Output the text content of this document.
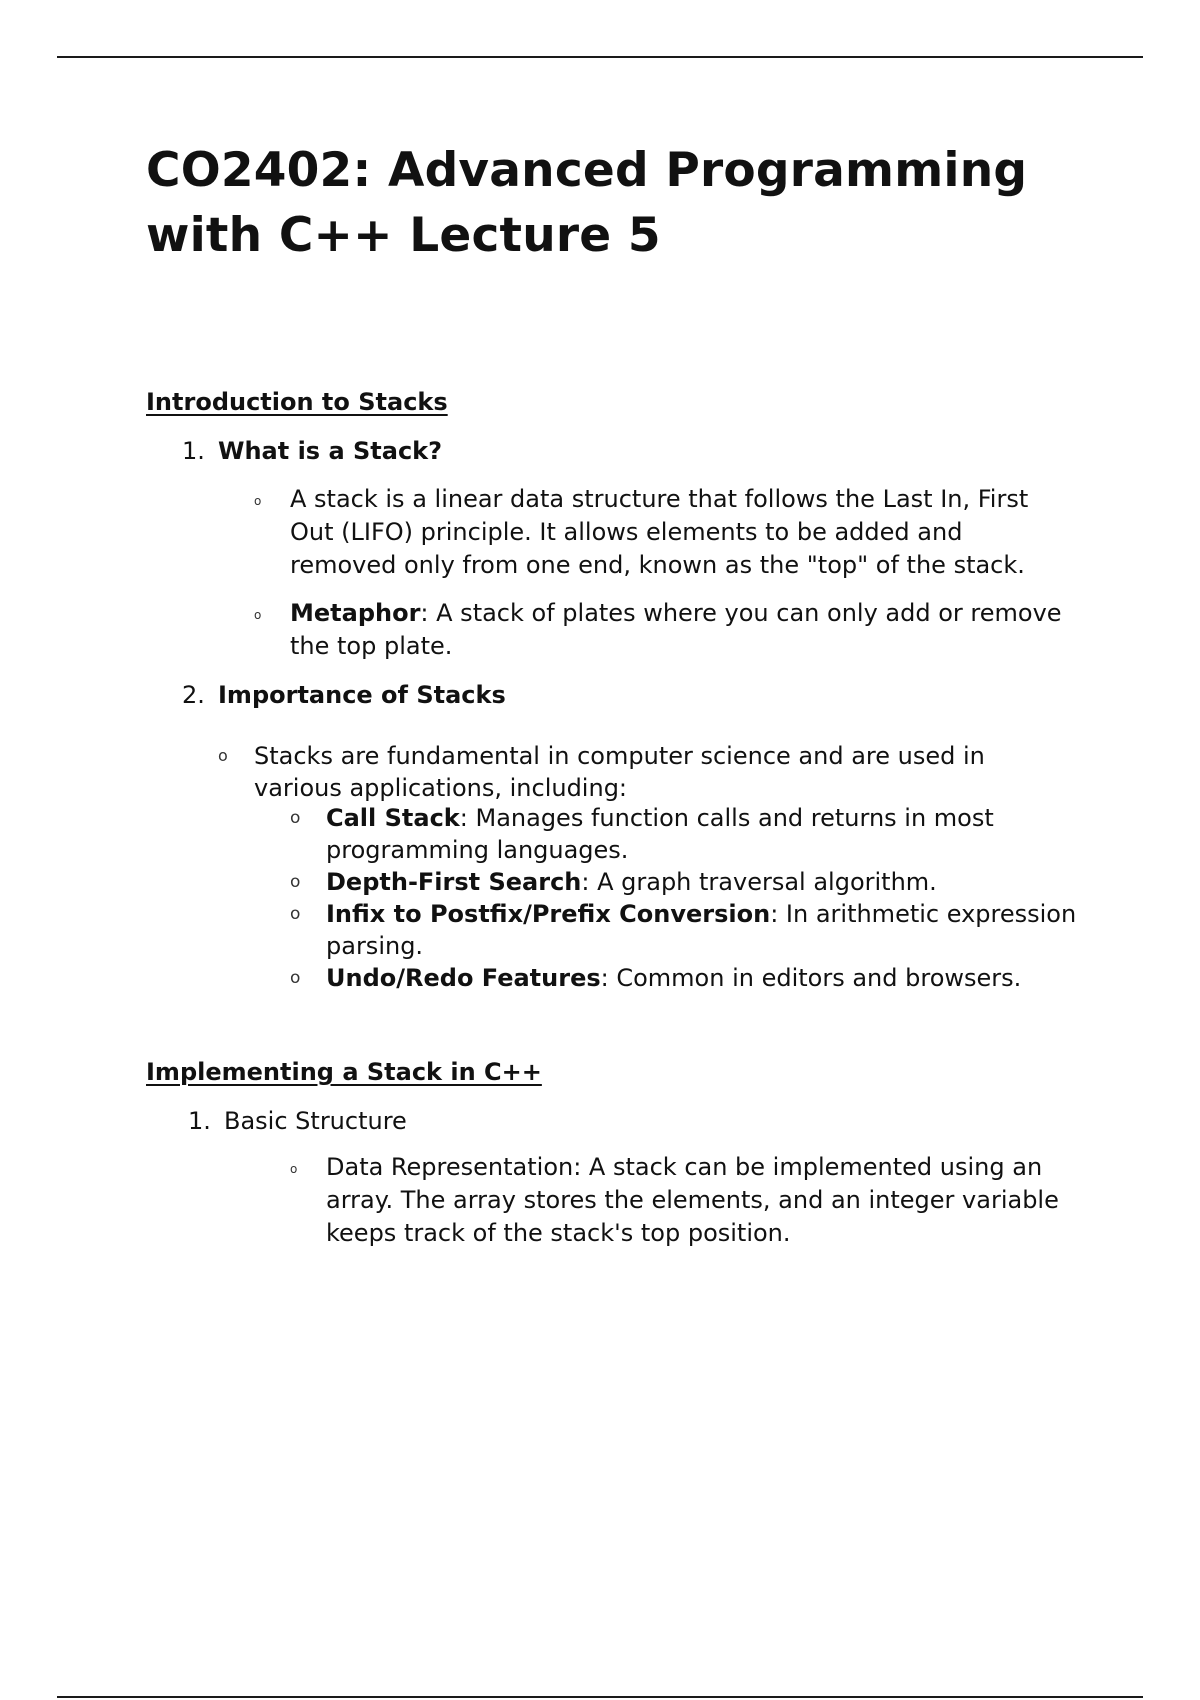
CO2402: Advanced Programming with C++ Lecture 5
Introduction to Stacks
1. What is a Stack?
o	A stack is a linear data structure that follows the Last In, First Out (LIFO) principle. It allows elements to be added and removed only from one end, known as the "top" of the stack.
o	Metaphor: A stack of plates where you can only add or remove the top plate.
2. Importance of Stacks
o	Stacks are fundamental in computer science and are used in various applications, including:
o Call Stack: Manages function calls and returns in most programming languages.
o Depth-First Search: A graph traversal algorithm.
o Infix to Postfix/Prefix Conversion: In arithmetic expression parsing.
o Undo/Redo Features: Common in editors and browsers.
Implementing a Stack in C++
1. Basic Structure
o	Data Representation: A stack can be implemented using an array. The array stores the elements, and an integer variable keeps track of the stack's top position.
